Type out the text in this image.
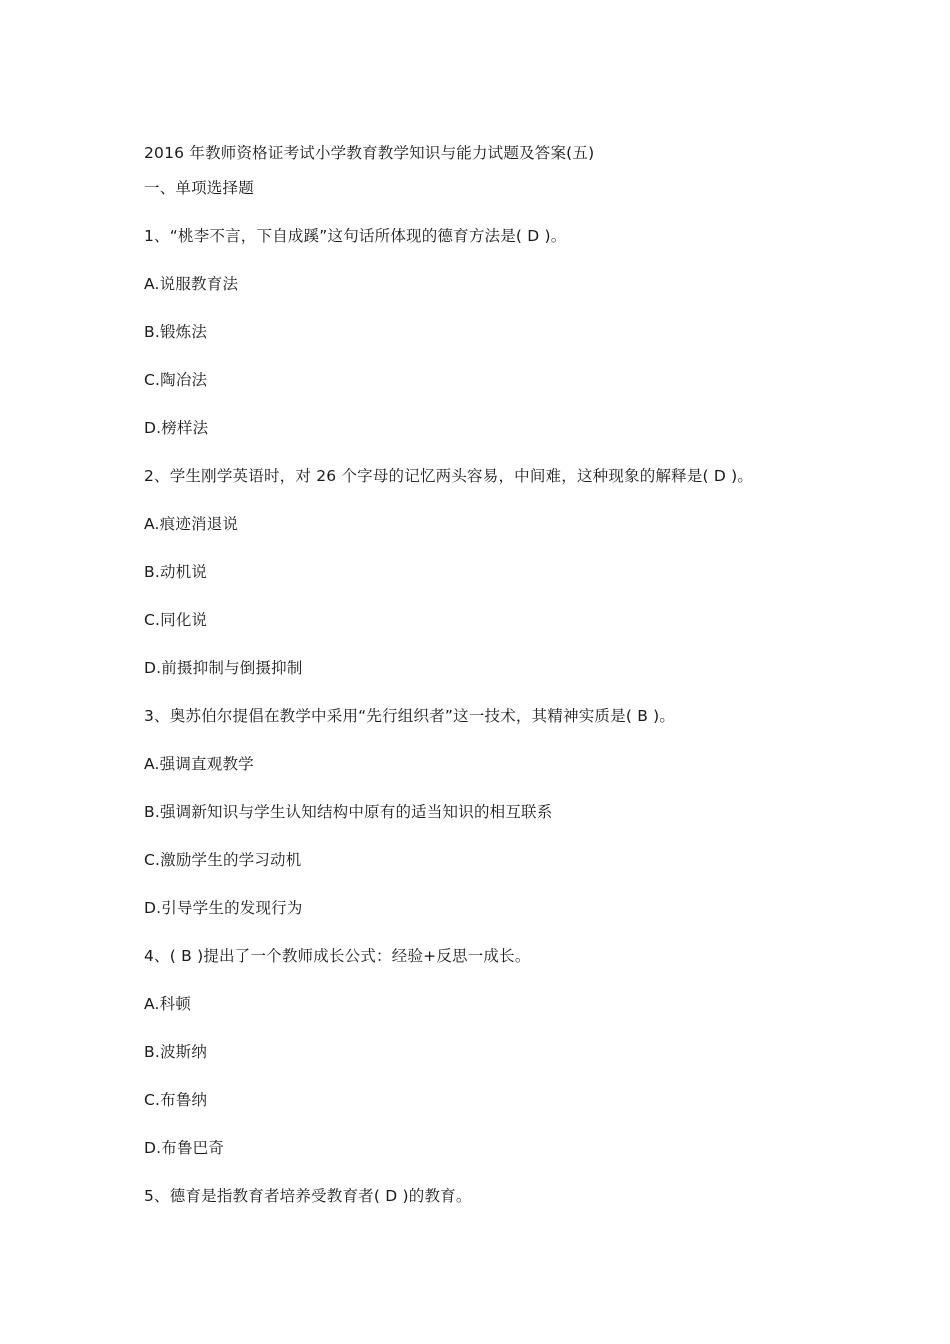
2016 年教师资格证考试小学教育教学知识与能力试题及答案(五)
一、单项选择题
1、“桃李不言，下自成蹊”这句话所体现的德育方法是( D )。
A.说服教育法
B.锻炼法
C.陶冶法
D.榜样法
2、学生刚学英语时，对 26 个字母的记忆两头容易，中间难，这种现象的解释是( D )。
A.痕迹消退说
B.动机说
C.同化说
D.前摄抑制与倒摄抑制
3、奥苏伯尔提倡在教学中采用“先行组织者”这一技术，其精神实质是( B )。
A.强调直观教学
B.强调新知识与学生认知结构中原有的适当知识的相互联系
C.激励学生的学习动机
D.引导学生的发现行为
4、( B )提出了一个教师成长公式：经验+反思一成长。
A.科顿
B.波斯纳
C.布鲁纳
D.布鲁巴奇
5、德育是指教育者培养受教育者( D )的教育。
